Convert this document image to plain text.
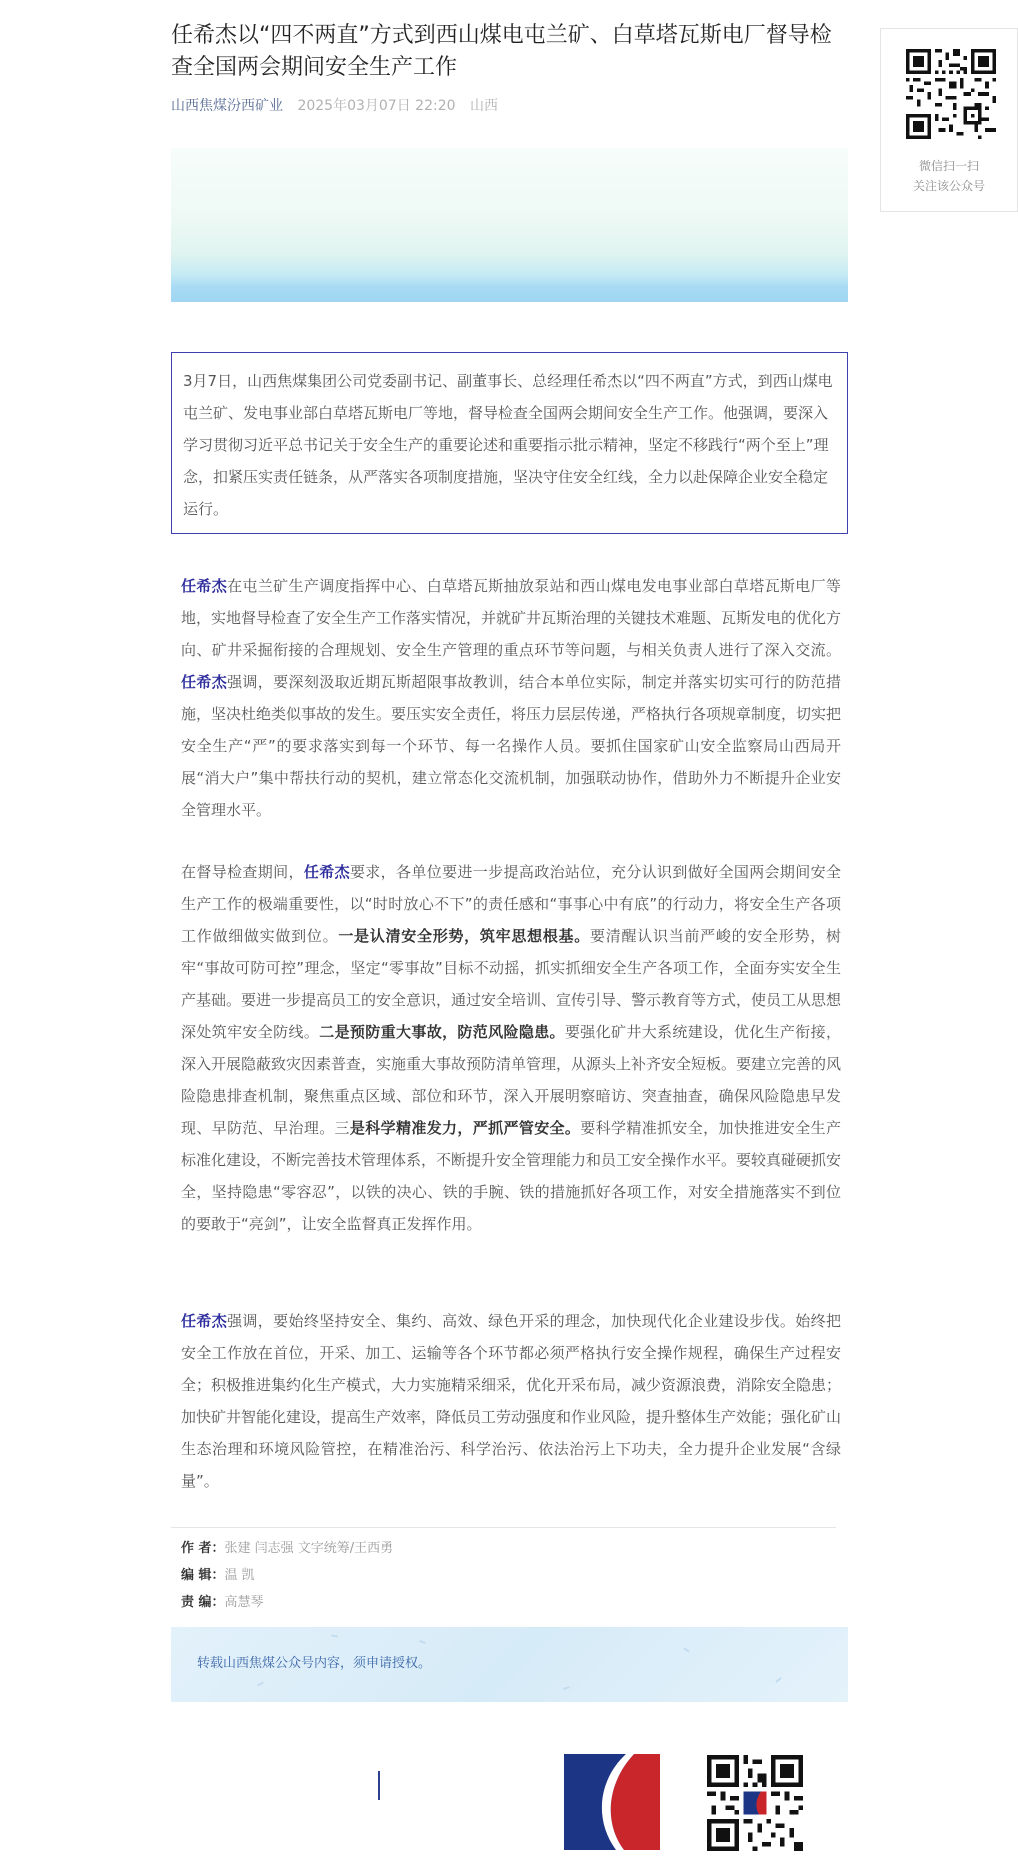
任希杰以“四不两直”方式到西山煤电屯兰矿、白草塔瓦斯电厂督导检查全国两会期间安全生产工作
山西焦煤汾西矿业 2025年03月07日 22:20 山西
3月7日，山西焦煤集团公司党委副书记、副董事长、总经理任希杰以“四不两直”方式，到西山煤电屯兰矿、发电事业部白草塔瓦斯电厂等地，督导检查全国两会期间安全生产工作。他强调，要深入学习贯彻习近平总书记关于安全生产的重要论述和重要指示批示精神，坚定不移践行“两个至上”理念，扣紧压实责任链条，从严落实各项制度措施，坚决守住安全红线，全力以赴保障企业安全稳定运行。

任希杰在屯兰矿生产调度指挥中心、白草塔瓦斯抽放泵站和西山煤电发电事业部白草塔瓦斯电厂等地，实地督导检查了安全生产工作落实情况，并就矿井瓦斯治理的关键技术难题、瓦斯发电的优化方向、矿井采掘衔接的合理规划、安全生产管理的重点环节等问题，与相关负责人进行了深入交流。任希杰强调，要深刻汲取近期瓦斯超限事故教训，结合本单位实际，制定并落实切实可行的防范措施，坚决杜绝类似事故的发生。要压实安全责任，将压力层层传递，严格执行各项规章制度，切实把安全生产“严”的要求落实到每一个环节、每一名操作人员。要抓住国家矿山安全监察局山西局开展“消大户”集中帮扶行动的契机，建立常态化交流机制，加强联动协作，借助外力不断提升企业安全管理水平。

在督导检查期间，任希杰要求，各单位要进一步提高政治站位，充分认识到做好全国两会期间安全生产工作的极端重要性，以“时时放心不下”的责任感和“事事心中有底”的行动力，将安全生产各项工作做细做实做到位。一是认清安全形势，筑牢思想根基。要清醒认识当前严峻的安全形势，树牢“事故可防可控”理念，坚定“零事故”目标不动摇，抓实抓细安全生产各项工作，全面夯实安全生产基础。要进一步提高员工的安全意识，通过安全培训、宣传引导、警示教育等方式，使员工从思想深处筑牢安全防线。二是预防重大事故，防范风险隐患。要强化矿井大系统建设，优化生产衔接，深入开展隐蔽致灾因素普查，实施重大事故预防清单管理，从源头上补齐安全短板。要建立完善的风险隐患排查机制，聚焦重点区域、部位和环节，深入开展明察暗访、突查抽查，确保风险隐患早发现、早防范、早治理。三是科学精准发力，严抓严管安全。要科学精准抓安全，加快推进安全生产标准化建设，不断完善技术管理体系，不断提升安全管理能力和员工安全操作水平。要较真碰硬抓安全，坚持隐患“零容忍”，以铁的决心、铁的手腕、铁的措施抓好各项工作，对安全措施落实不到位的要敢于“亮剑”，让安全监督真正发挥作用。

任希杰强调，要始终坚持安全、集约、高效、绿色开采的理念，加快现代化企业建设步伐。始终把安全工作放在首位，开采、加工、运输等各个环节都必须严格执行安全操作规程，确保生产过程安全；积极推进集约化生产模式，大力实施精采细采，优化开采布局，减少资源浪费，消除安全隐患；加快矿井智能化建设，提高生产效率，降低员工劳动强度和作业风险，提升整体生产效能；强化矿山生态治理和环境风险管控，在精准治污、科学治污、依法治污上下功夫，全力提升企业发展“含绿量”。

作 者：张建 闫志强 文字统筹/王西勇
编 辑：温 凯
责 编：高慧琴
转载山西焦煤公众号内容，须申请授权。
微信扫一扫
关注该公众号
